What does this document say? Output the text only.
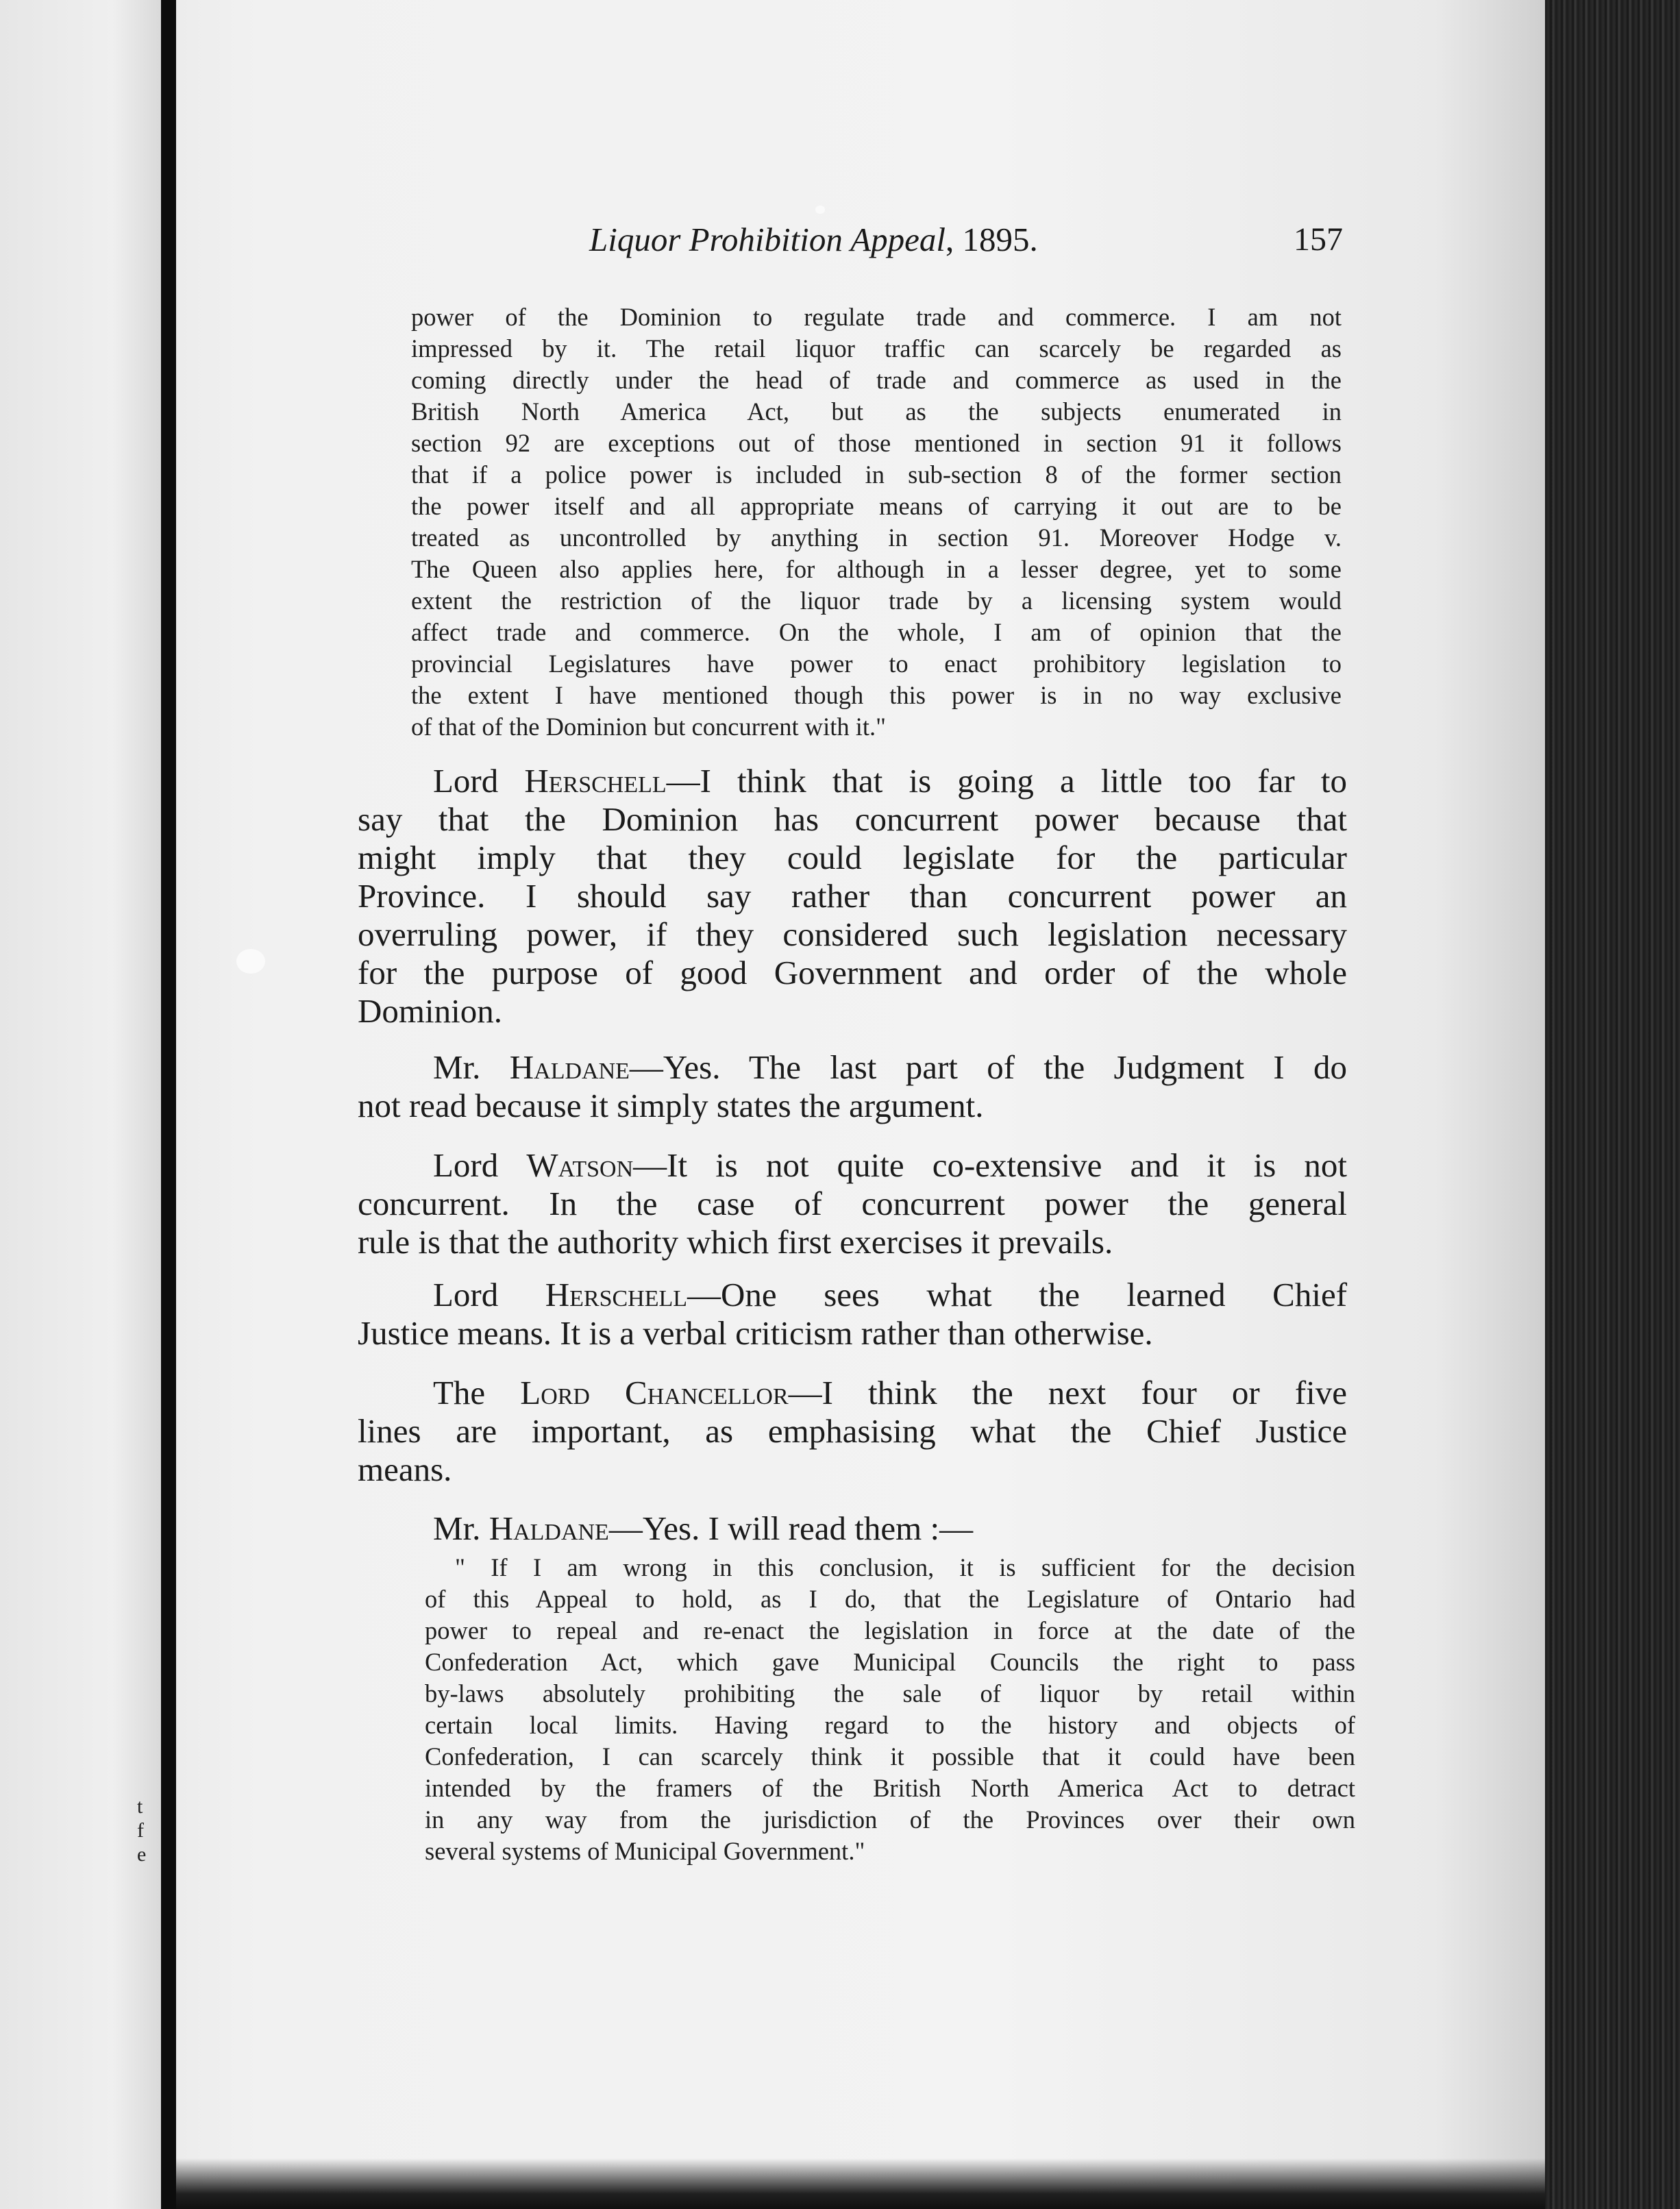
t
f
e
Liquor Prohibition Appeal, 1895.	157
power of the Dominion to regulate trade and commerce. I am not
impressed by it. The retail liquor traffic can scarcely be regarded as
coming directly under the head of trade and commerce as used in the
British North America Act, but as the subjects enumerated in
section 92 are exceptions out of those mentioned in section 91 it follows
that if a police power is included in sub-section 8 of the former section
the power itself and all appropriate means of carrying it out are to be
treated as uncontrolled by anything in section 91. Moreover Hodge v.
The Queen also applies here, for although in a lesser degree, yet to some
extent the restriction of the liquor trade by a licensing system would
affect trade and commerce. On the whole, I am of opinion that the
provincial Legislatures have power to enact prohibitory legislation to
the extent I have mentioned though this power is in no way exclusive
of that of the Dominion but concurrent with it."
Lord Herschell—I think that is going a little too far to
say that the Dominion has concurrent power because that
might imply that they could legislate for the particular
Province. I should say rather than concurrent power an
overruling power, if they considered such legislation necessary
for the purpose of good Government and order of the whole
Dominion.
Mr. Haldane—Yes. The last part of the Judgment I do
not read because it simply states the argument.
Lord Watson—It is not quite co-extensive and it is not
concurrent. In the case of concurrent power the general
rule is that the authority which first exercises it prevails.
Lord Herschell—One sees what the learned Chief
Justice means. It is a verbal criticism rather than otherwise.
The Lord Chancellor—I think the next four or five
lines are important, as emphasising what the Chief Justice
means.
Mr. Haldane—Yes. I will read them :—
" If I am wrong in this conclusion, it is sufficient for the decision
of this Appeal to hold, as I do, that the Legislature of Ontario had
power to repeal and re-enact the legislation in force at the date of the
Confederation Act, which gave Municipal Councils the right to pass
by-laws absolutely prohibiting the sale of liquor by retail within
certain local limits. Having regard to the history and objects of
Confederation, I can scarcely think it possible that it could have been
intended by the framers of the British North America Act to detract
in any way from the jurisdiction of the Provinces over their own
several systems of Municipal Government."
